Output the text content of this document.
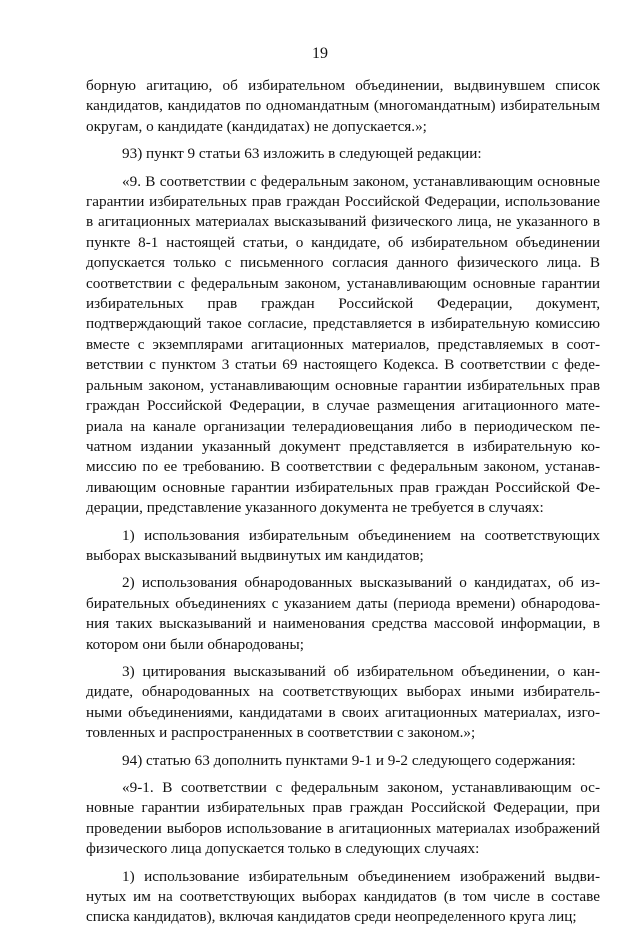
19

борную агитацию, об избирательном объединении, выдвинувшем список кандидатов, кандидатов по одномандатным (многомандатным) избирательным округам, о кандидате (кандидатах) не допускается.»;

93) пункт 9 статьи 63 изложить в следующей редакции:

«9. В соответствии с федеральным законом, устанавливающим основные гарантии избирательных прав граждан Российской Федерации, использование в агитационных материалах высказываний физического лица, не указанного в пункте 8-1 настоящей статьи, о кандидате, об избирательном объединении допускается только с письменного согласия данного физического лица. В соответствии с федеральным законом, устанавливающим основные гарантии избирательных прав граждан Российской Федерации, документ, подтверждающий такое согласие, представляется в избирательную комиссию вместе с экземплярами агитационных материалов, представляемых в соответствии с пунктом 3 статьи 69 настоящего Кодекса. В соответствии с федеральным законом, устанавливающим основные гарантии избирательных прав граждан Российской Федерации, в случае размещения агитационного материала на канале организации телерадиовещания либо в периодическом печатном издании указанный документ представляется в избирательную комиссию по ее требованию. В соответствии с федеральным законом, устанавливающим основные гарантии избирательных прав граждан Российской Федерации, представление указанного документа не требуется в случаях:

1) использования избирательным объединением на соответствующих выборах высказываний выдвинутых им кандидатов;

2) использования обнародованных высказываний о кандидатах, об избирательных объединениях с указанием даты (периода времени) обнародования таких высказываний и наименования средства массовой информации, в котором они были обнародованы;

3) цитирования высказываний об избирательном объединении, о кандидате, обнародованных на соответствующих выборах иными избирательными объединениями, кандидатами в своих агитационных материалах, изготовленных и распространенных в соответствии с законом.»;

94) статью 63 дополнить пунктами 9-1 и 9-2 следующего содержания:

«9-1. В соответствии с федеральным законом, устанавливающим основные гарантии избирательных прав граждан Российской Федерации, при проведении выборов использование в агитационных материалах изображений физического лица допускается только в следующих случаях:

1) использование избирательным объединением изображений выдвинутых им на соответствующих выборах кандидатов (в том числе в составе списка кандидатов), включая кандидатов среди неопределенного круга лиц;
